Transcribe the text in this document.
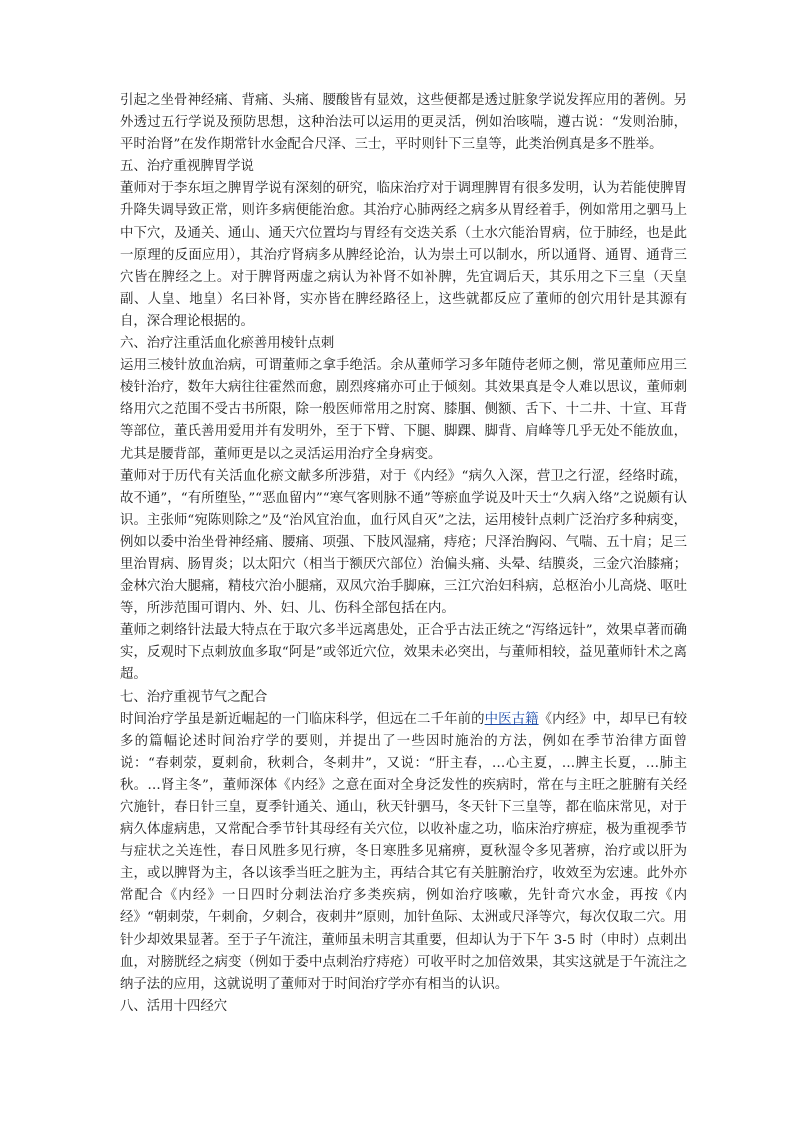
引起之坐骨神经痛、背痛、头痛、腰酸皆有显效，这些便都是透过脏象学说发挥应用的著例。另外透过五行学说及预防思想，这种治法可以运用的更灵活，例如治咳喘，遵古说：“发则治肺，平时治肾”在发作期常针水金配合尺泽、三士，平时则针下三皇等，此类治例真是多不胜举。

五、治疗重视脾胃学说

董师对于李东垣之脾胃学说有深刻的研究，临床治疗对于调理脾胃有很多发明，认为若能使脾胃升降失调导致正常，则许多病便能治愈。其治疗心肺两经之病多从胃经着手，例如常用之驷马上中下穴，及通关、通山、通天穴位置均与胃经有交迭关系（土水穴能治胃病，位于肺经，也是此一原理的反面应用），其治疗肾病多从脾经论治，认为崇土可以制水，所以通肾、通胃、通背三穴皆在脾经之上。对于脾肾两虚之病认为补肾不如补脾，先宜调后天，其乐用之下三皇（天皇副、人皇、地皇）名曰补肾，实亦皆在脾经路径上，这些就都反应了董师的创穴用针是其源有自，深合理论根据的。

六、治疗注重活血化瘀善用棱针点刺

运用三棱针放血治病，可谓董师之拿手绝活。余从董师学习多年随侍老师之侧，常见董师应用三棱针治疗，数年大病往往霍然而愈，剧烈疼痛亦可止于倾刻。其效果真是令人难以思议，董师刺络用穴之范围不受古书所限，除一般医师常用之肘窝、膝腘、侧额、舌下、十二井、十宣、耳背等部位，董氏善用爱用并有发明外，至于下臂、下腿、脚踝、脚背、肩峰等几乎无处不能放血，尤其是腰背部，董师更是以之灵活运用治疗全身病变。

董师对于历代有关活血化瘀文献多所涉猎，对于《内经》“病久入深，营卫之行涩，经络时疏，故不通”，“有所堕坠，”“恶血留内”“寒气客则脉不通”等瘀血学说及叶天士“久病入络”之说颇有认识。主张师“宛陈则除之”及“治风宜治血，血行风自灭”之法，运用棱针点刺广泛治疗多种病变，例如以委中治坐骨神经痛、腰痛、项强、下肢风湿痛，痔疮；尺泽治胸闷、气喘、五十肩；足三里治胃病、肠胃炎；以太阳穴（相当于额厌穴部位）治偏头痛、头晕、结膜炎，三金穴治膝痛；金林穴治大腿痛，精枝穴治小腿痛，双凤穴治手脚麻，三江穴治妇科病，总枢治小儿高烧、呕吐等，所涉范围可谓内、外、妇、儿、伤科全部包括在内。

董师之刺络针法最大特点在于取穴多半远离患处，正合乎古法正统之“泻络远针”，效果卓著而确实，反观时下点刺放血多取“阿是”或邻近穴位，效果未必突出，与董师相较，益见董师针术之离超。

七、治疗重视节气之配合

时间治疗学虽是新近崛起的一门临床科学，但远在二千年前的中医古籍《内经》中，却早已有较多的篇幅论述时间治疗学的要则，并提出了一些因时施治的方法，例如在季节治律方面曾说：“春刺荥，夏刺俞，秋刺合，冬刺井”，又说：“肝主春，…心主夏，…脾主长夏，…肺主秋。…肾主冬”，董师深体《内经》之意在面对全身泛发性的疾病时，常在与主旺之脏腑有关经穴施针，春日针三皇，夏季针通关、通山，秋天针驷马，冬天针下三皇等，都在临床常见，对于病久体虚病患，又常配合季节针其母经有关穴位，以收补虚之功，临床治疗痹症，极为重视季节与症状之关连性，春日风胜多见行痹，冬日寒胜多见痛痹，夏秋湿令多见著痹，治疗或以肝为主，或以脾肾为主，各以该季当旺之脏为主，再结合其它有关脏腑治疗，收效至为宏速。此外亦常配合《内经》一日四时分刺法治疗多类疾病，例如治疗咳嗽，先针奇穴水金，再按《内经》“朝刺荥，午刺俞，夕刺合，夜刺井”原则，加针鱼际、太洲或尺泽等穴，每次仅取二穴。用针少却效果显著。至于子午流注，董师虽未明言其重要，但却认为于下午 3-5 时（申时）点刺出血，对膀胱经之病变（例如于委中点刺治疗痔疮）可收平时之加倍效果，其实这就是于午流注之纳子法的应用，这就说明了董师对于时间治疗学亦有相当的认识。

八、活用十四经穴
